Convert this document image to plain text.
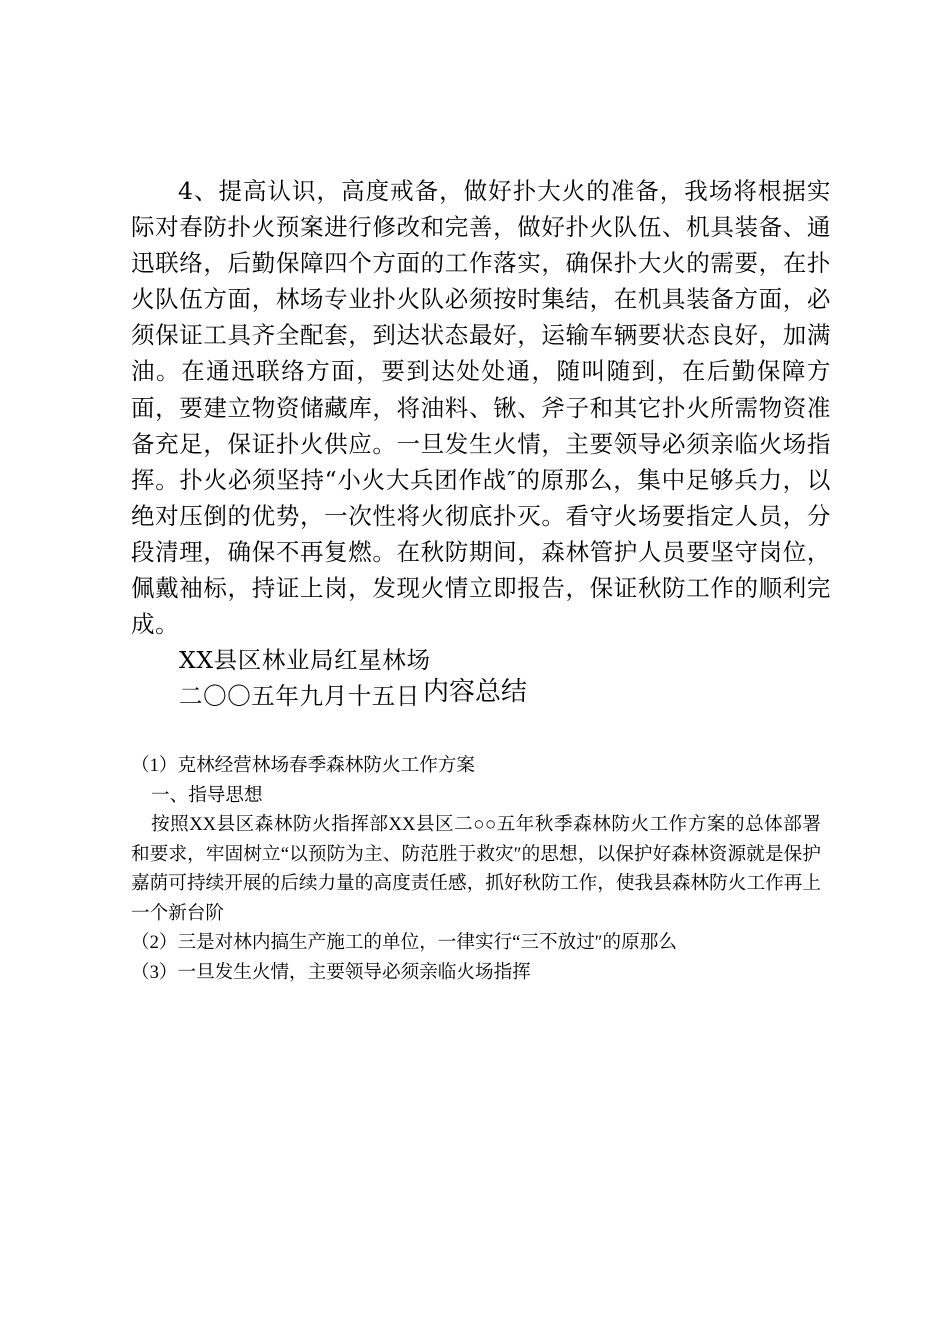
4、提高认识，高度戒备，做好扑大火的准备，我场将根据实际对春防扑火预案进行修改和完善，做好扑火队伍、机具装备、通迅联络，后勤保障四个方面的工作落实，确保扑大火的需要，在扑火队伍方面，林场专业扑火队必须按时集结，在机具装备方面，必须保证工具齐全配套，到达状态最好，运输车辆要状态良好，加满油。在通迅联络方面，要到达处处通，随叫随到，在后勤保障方面，要建立物资储藏库，将油料、锹、斧子和其它扑火所需物资准备充足，保证扑火供应。一旦发生火情，主要领导必须亲临火场指挥。扑火必须坚持“小火大兵团作战″的原那么，集中足够兵力，以绝对压倒的优势，一次性将火彻底扑灭。看守火场要指定人员，分段清理，确保不再复燃。在秋防期间，森林管护人员要坚守岗位，佩戴袖标，持证上岗，发现火情立即报告，保证秋防工作的顺利完成。

XX县区林业局红星林场

二〇〇五年九月十五日 内容总结
（1）克林经营林场春季森林防火工作方案
一、指导思想
按照XX县区森林防火指挥部XX县区二○○五年秋季森林防火工作方案的总体部署和要求，牢固树立“以预防为主、防范胜于救灾″的思想，以保护好森林资源就是保护嘉荫可持续开展的后续力量的高度责任感，抓好秋防工作，使我县森林防火工作再上一个新台阶
（2）三是对林内搞生产施工的单位，一律实行“三不放过″的原那么
（3）一旦发生火情，主要领导必须亲临火场指挥
